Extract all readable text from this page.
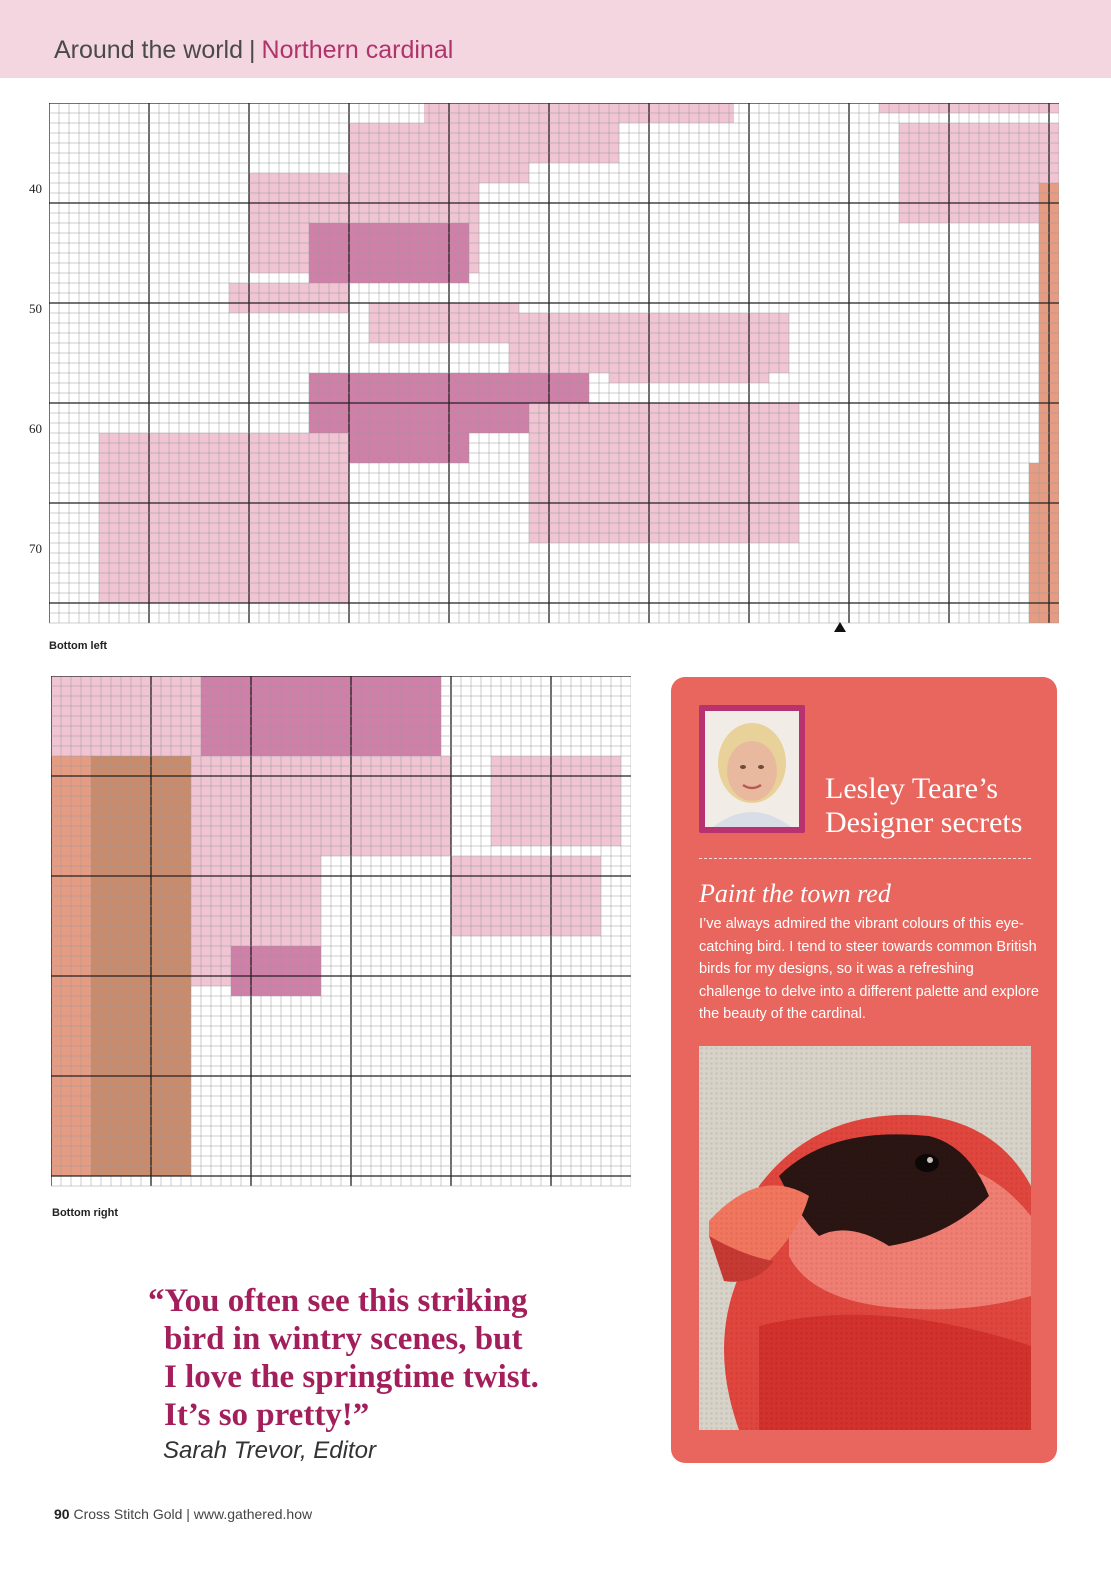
Around the world | Northern cardinal
40
50
60
70
Bottom left
Bottom right
Lesley Teare’s
Designer secrets
Paint the town red
I’ve always admired the vibrant colours of this eye-catching bird. I tend to steer towards common British birds for my designs, so it was a refreshing challenge to delve into a different palette and explore the beauty of the cardinal.
“You often see this striking
bird in wintry scenes, but
I love the springtime twist.
It’s so pretty!”
Sarah Trevor, Editor
90 Cross Stitch Gold | www.gathered.how
